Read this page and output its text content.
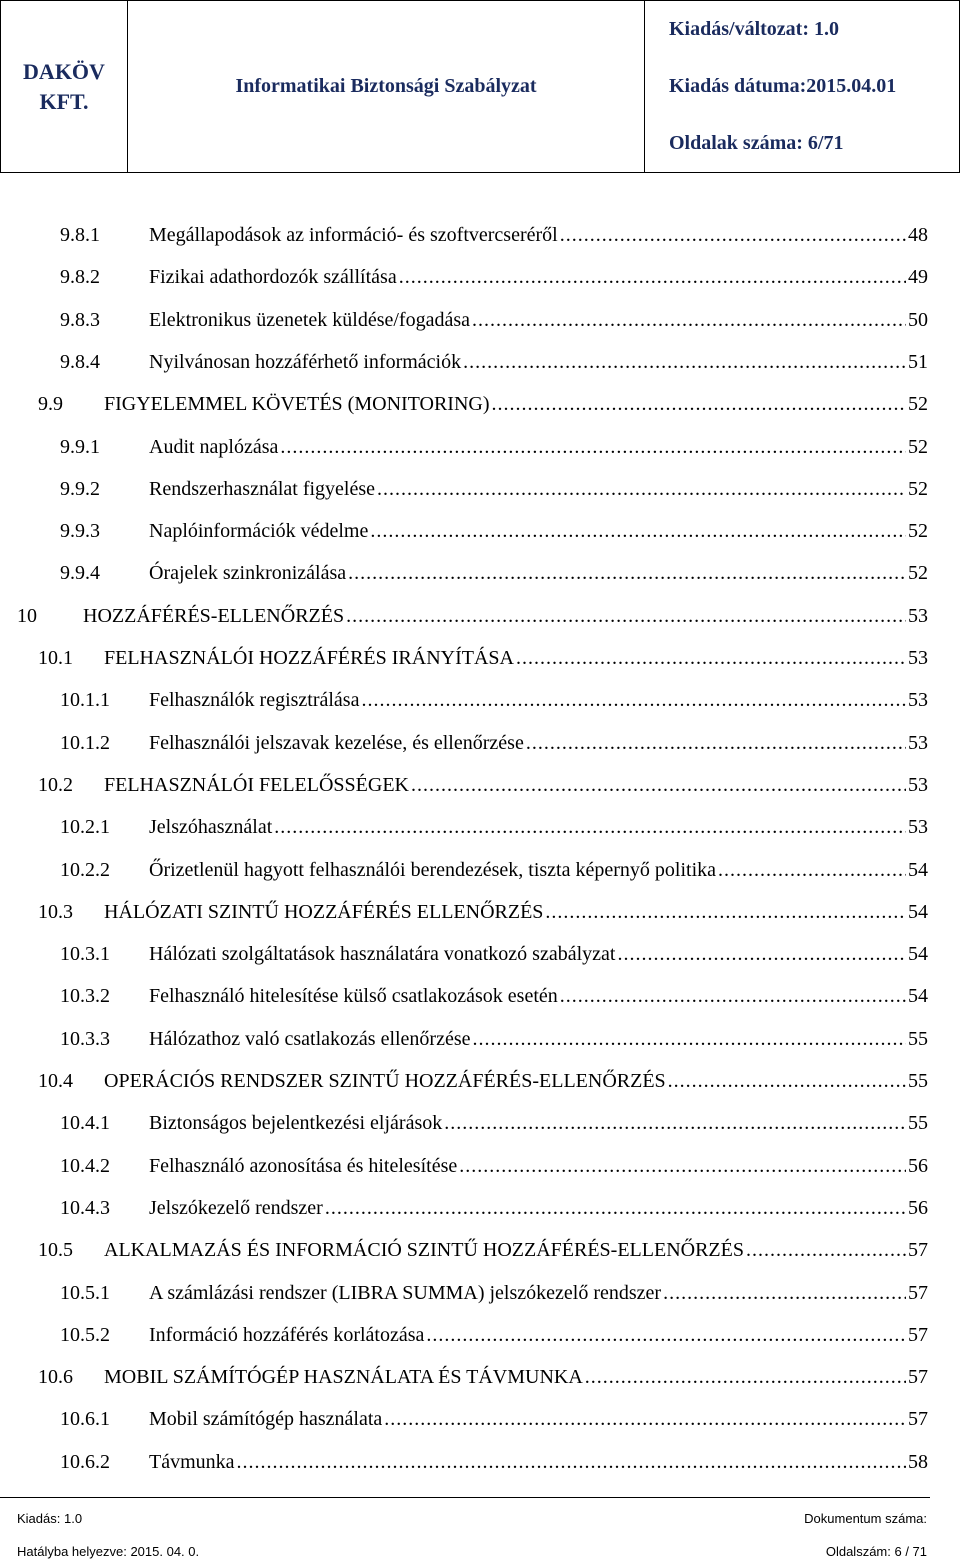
DAKÖV
KFT.
	Informatikai Biztonsági Szabályzat	
Kiadás/változat: 1.0
Kiadás dátuma:2015.04.01
Oldalak száma: 6/71
9.8.1	Megállapodások az információ- és szoftvercseréről .....	48
9.8.2	Fizikai adathordozók szállítása .....	49
9.8.3	Elektronikus üzenetek küldése/fogadása .....	50
9.8.4	Nyilvánosan hozzáférhető információk .....	51
9.9	FIGYELEMMEL KÖVETÉS (MONITORING) .....	52
9.9.1	Audit naplózása .....	52
9.9.2	Rendszerhasználat figyelése .....	52
9.9.3	Naplóinformációk védelme .....	52
9.9.4	Órajelek szinkronizálása .....	52
10	HOZZÁFÉRÉS-ELLENŐRZÉS .....	53
10.1	FELHASZNÁLÓI HOZZÁFÉRÉS IRÁNYÍTÁSA .....	53
10.1.1	Felhasználók regisztrálása .....	53
10.1.2	Felhasználói jelszavak kezelése, és ellenőrzése .....	53
10.2	FELHASZNÁLÓI FELELŐSSÉGEK .....	53
10.2.1	Jelszóhasználat .....	53
10.2.2	Őrizetlenül hagyott felhasználói berendezések, tiszta képernyő politika .....	54
10.3	HÁLÓZATI SZINTŰ HOZZÁFÉRÉS ELLENŐRZÉS .....	54
10.3.1	Hálózati szolgáltatások használatára vonatkozó szabályzat .....	54
10.3.2	Felhasználó hitelesítése külső csatlakozások esetén .....	54
10.3.3	Hálózathoz való csatlakozás ellenőrzése .....	55
10.4	OPERÁCIÓS RENDSZER SZINTŰ HOZZÁFÉRÉS-ELLENŐRZÉS .....	55
10.4.1	Biztonságos bejelentkezési eljárások .....	55
10.4.2	Felhasználó azonosítása és hitelesítése .....	56
10.4.3	Jelszókezelő rendszer .....	56
10.5	ALKALMAZÁS ÉS INFORMÁCIÓ SZINTŰ HOZZÁFÉRÉS-ELLENŐRZÉS .....	57
10.5.1	A számlázási rendszer (LIBRA SUMMA) jelszókezelő rendszer .....	57
10.5.2	Információ hozzáférés korlátozása .....	57
10.6	MOBIL SZÁMÍTÓGÉP HASZNÁLATA ÉS TÁVMUNKA .....	57
10.6.1	Mobil számítógép használata .....	57
10.6.2	Távmunka .....	58
Kiadás: 1.0
Hatályba helyezve: 2015. 04. 0.
Dokumentum száma:
Oldalszám: 6 / 71
